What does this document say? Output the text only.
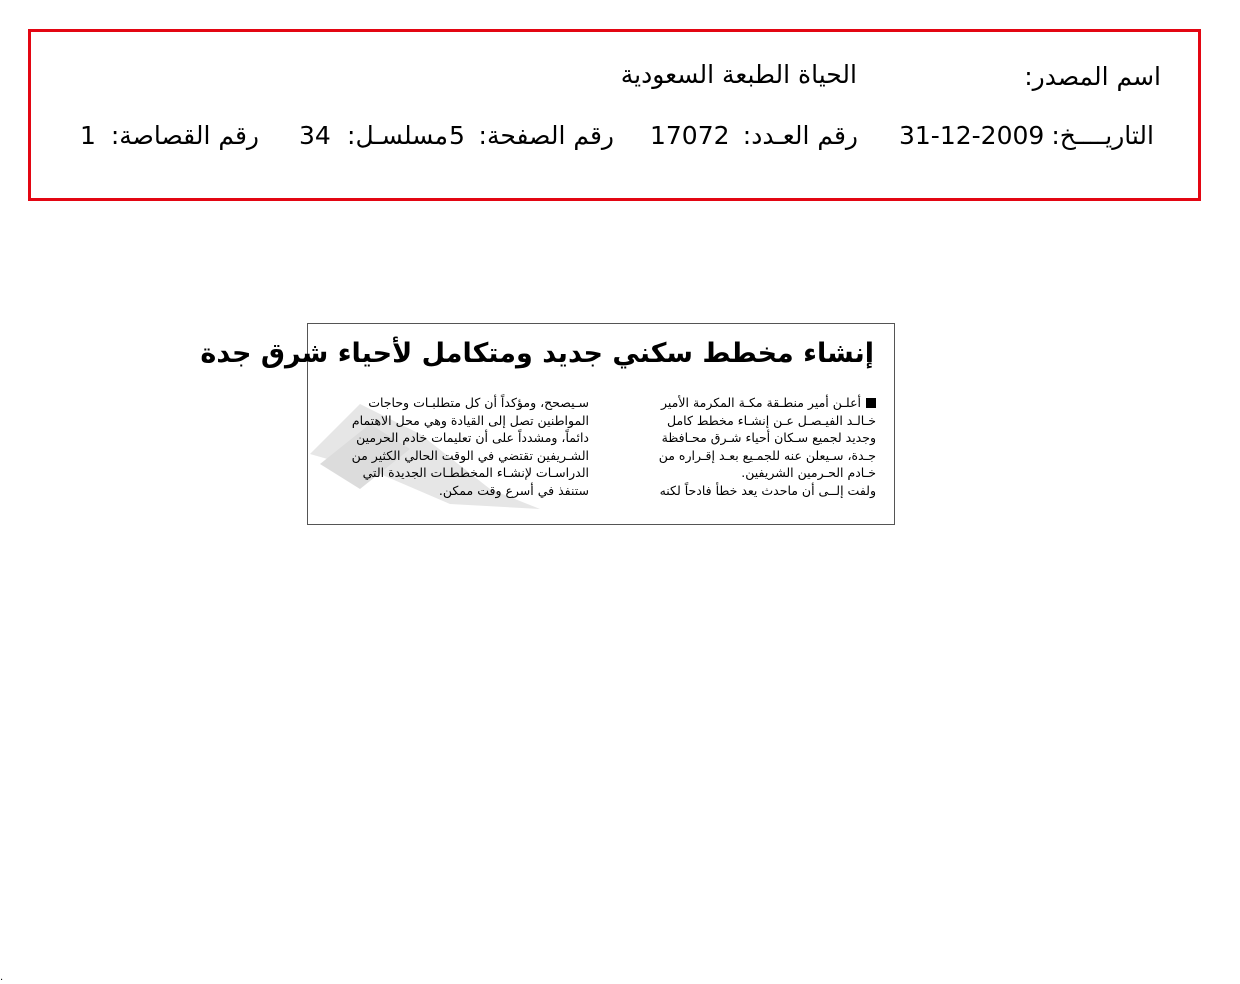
اسم المصدر:
الحياة الطبعة السعودية
التاريــــخ:
31-12-2009
رقم العـدد:
17072
رقم الصفحة:
5
مسلسـل:
34
رقم القصاصة:
1
إنشاء مخطط سكني جديد ومتكامل لأحياء شرق جدة
أعلـن أمير منطـقة مكـة المكرمة الأمير
خـالـد الفيـصـل عـن إنشـاء مخطط كامل
وجديد لجميع سـكان أحياء شـرق محـافظة
جـدة، سـيعلن عنه للجمـيع بعـد إقـراره من
خـادم الحـرمين الشريفين.
ولفت إلــى أن ماحدث يعد خطأ فادحاً لكنه
سـيصحح، ومؤكداً أن كل متطلبـات وحاجات
المواطنين تصل إلى القيادة وهي محل الاهتمام
دائماً، ومشدداً على أن تعليمات خادم الحرمين
الشـريفين تقتضي في الوقت الحالي الكثير من
الدراسـات لإنشـاء المخططـات الجديدة التي
ستنفذ في أسرع وقت ممكن.
.
